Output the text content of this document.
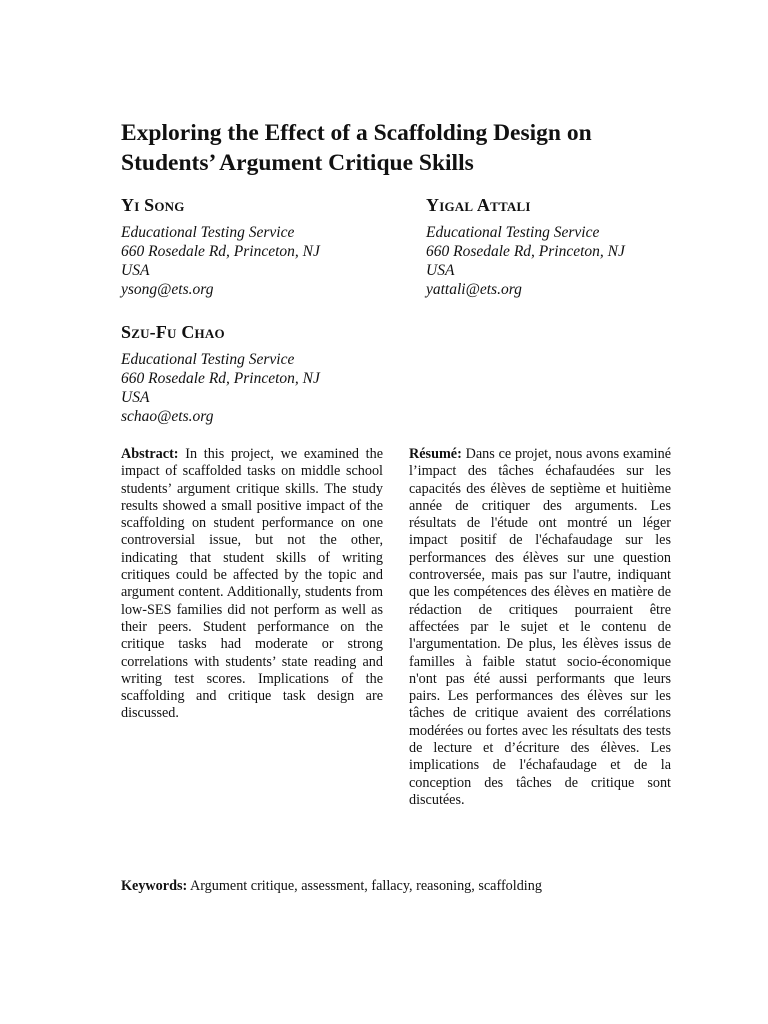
Exploring the Effect of a Scaffolding Design on Students’ Argument Critique Skills

Yi Song

Educational Testing Service
660 Rosedale Rd, Princeton, NJ
USA
ysong@ets.org

Yigal Attali

Educational Testing Service
660 Rosedale Rd, Princeton, NJ
USA
yattali@ets.org

Szu-Fu Chao

Educational Testing Service
660 Rosedale Rd, Princeton, NJ
USA
schao@ets.org

Abstract: In this project, we examined the impact of scaffolded tasks on middle school students’ argument critique skills. The study results showed a small positive impact of the scaffolding on student performance on one controversial issue, but not the other, indicating that student skills of writing critiques could be affected by the topic and argument content. Additionally, students from low-SES families did not perform as well as their peers. Student performance on the critique tasks had moderate or strong correlations with students’ state reading and writing test scores. Implications of the scaffolding and critique task design are discussed.

Résumé: Dans ce projet, nous avons examiné l’impact des tâches échafaudées sur les capacités des élèves de septième et huitième année de critiquer des arguments. Les résultats de l'étude ont montré un léger impact positif de l'échafaudage sur les performances des élèves sur une question controversée, mais pas sur l'autre, indiquant que les compétences des élèves en matière de rédaction de critiques pourraient être affectées par le sujet et le contenu de l'argumentation. De plus, les élèves issus de familles à faible statut socio-économique n'ont pas été aussi performants que leurs pairs. Les performances des élèves sur les tâches de critique avaient des corrélations modérées ou fortes avec les résultats des tests de lecture et d’écriture des élèves. Les implications de l'échafaudage et de la conception des tâches de critique sont discutées.

Keywords: Argument critique, assessment, fallacy, reasoning, scaffolding
